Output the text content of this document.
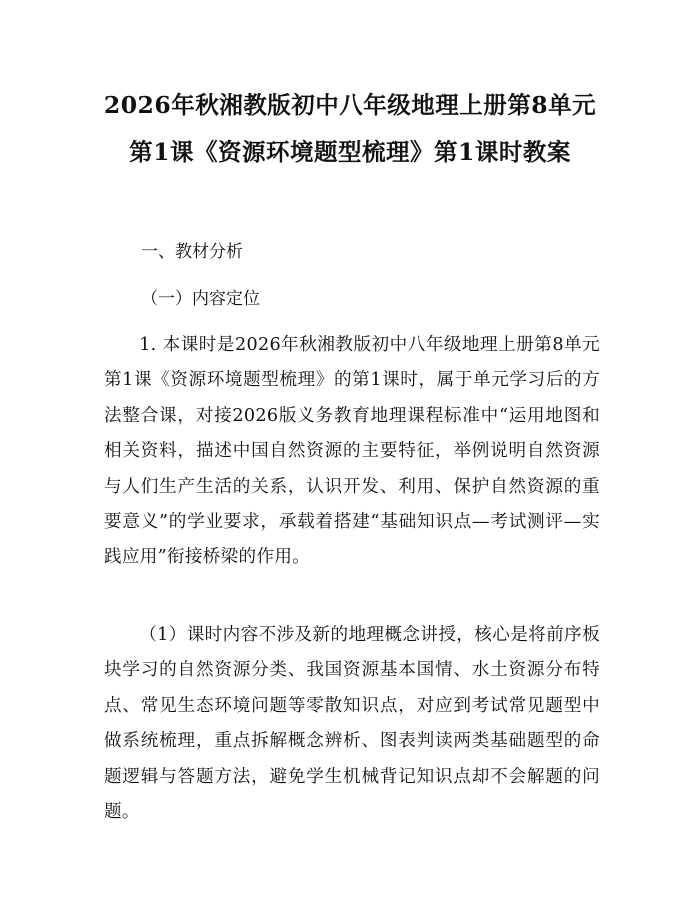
2026年秋湘教版初中八年级地理上册第8单元第1课《资源环境题型梳理》第1课时教案

一、教材分析

（一）内容定位

1. 本课时是2026年秋湘教版初中八年级地理上册第8单元第1课《资源环境题型梳理》的第1课时，属于单元学习后的方法整合课，对接2026版义务教育地理课程标准中“运用地图和相关资料，描述中国自然资源的主要特征，举例说明自然资源与人们生产生活的关系，认识开发、利用、保护自然资源的重要意义”的学业要求，承载着搭建“基础知识点—考试测评—实践应用”衔接桥梁的作用。

（1）课时内容不涉及新的地理概念讲授，核心是将前序板块学习的自然资源分类、我国资源基本国情、水土资源分布特点、常见生态环境问题等零散知识点，对应到考试常见题型中做系统梳理，重点拆解概念辨析、图表判读两类基础题型的命题逻辑与答题方法，避免学生机械背记知识点却不会解题的问题。
